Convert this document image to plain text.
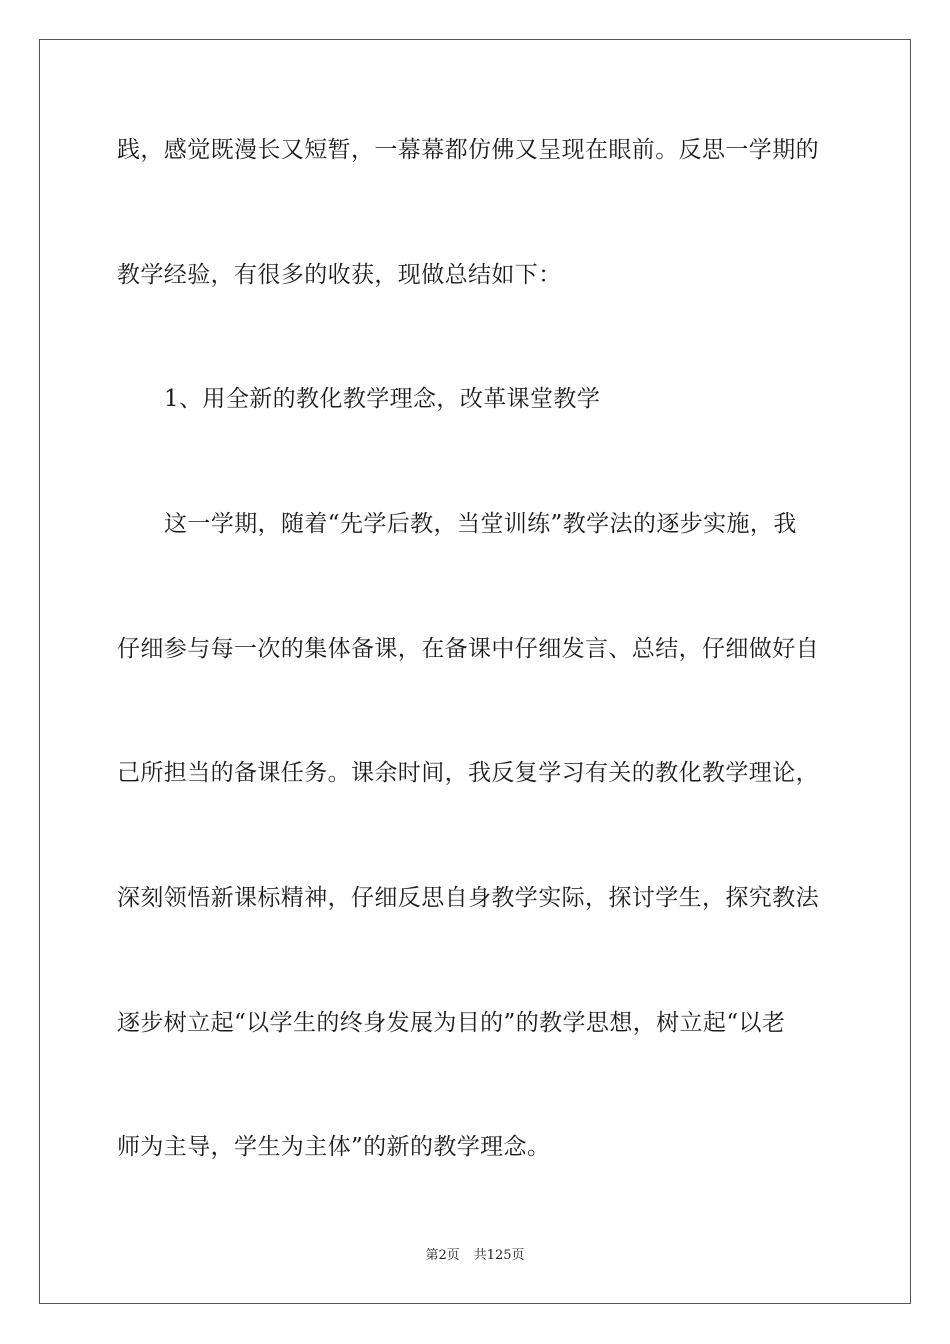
践，感觉既漫长又短暂，一幕幕都仿佛又呈现在眼前。反思一学期的
教学经验，有很多的收获，现做总结如下：
1、用全新的教化教学理念，改革课堂教学
这一学期，随着“先学后教，当堂训练”教学法的逐步实施，我
仔细参与每一次的集体备课，在备课中仔细发言、总结，仔细做好自
己所担当的备课任务。课余时间，我反复学习有关的教化教学理论，
深刻领悟新课标精神，仔细反思自身教学实际，探讨学生，探究教法
逐步树立起“以学生的终身发展为目的”的教学思想，树立起“以老
师为主导，学生为主体”的新的教学理念。
第2页 共125页
